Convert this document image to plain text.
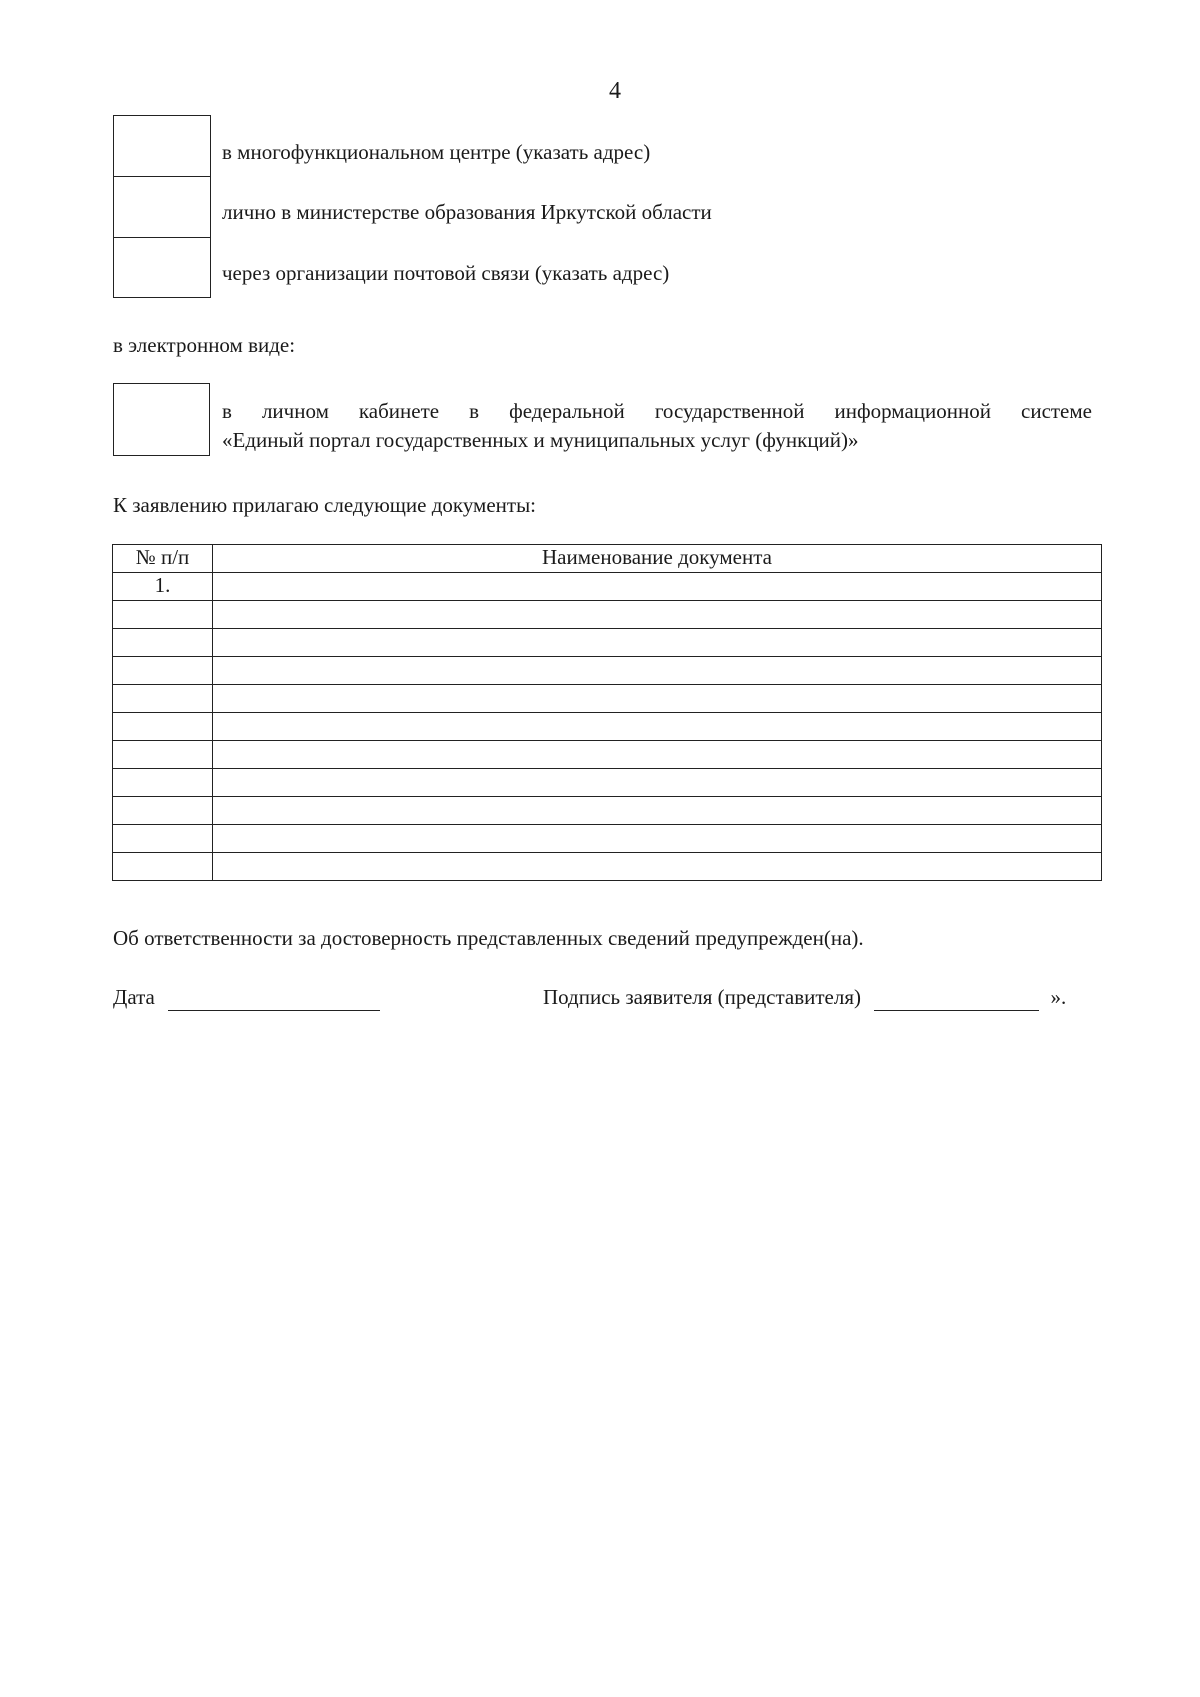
4
в многофункциональном центре (указать адрес)
лично в министерстве образования Иркутской области
через организации почтовой связи (указать адрес)
в электронном виде:
в личном кабинете в федеральной государственной информационной системе
«Единый портал государственных и муниципальных услуг (функций)»
К заявлению прилагаю следующие документы:
№ п/п	Наименование документа
1.	

Об ответственности за достоверность представленных сведений предупрежден(на).
Дата	Подпись заявителя (представителя)	».
